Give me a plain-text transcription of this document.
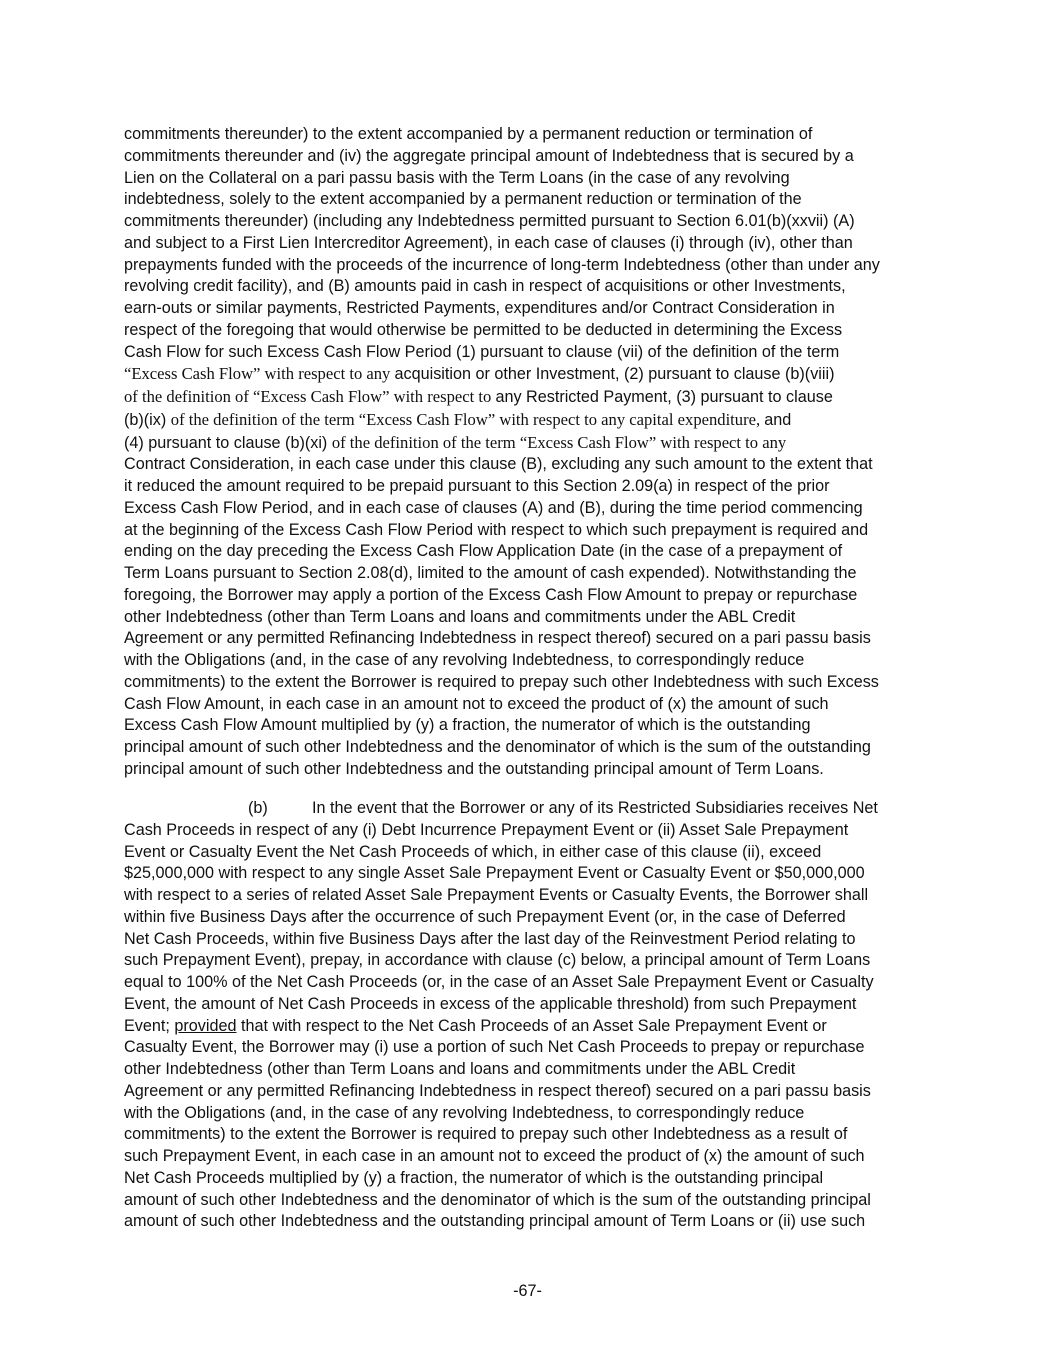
commitments thereunder) to the extent accompanied by a permanent reduction or termination of
commitments thereunder and (iv) the aggregate principal amount of Indebtedness that is secured by a
Lien on the Collateral on a pari passu basis with the Term Loans (in the case of any revolving
indebtedness, solely to the extent accompanied by a permanent reduction or termination of the
commitments thereunder) (including any Indebtedness permitted pursuant to Section 6.01(b)(xxvii) (A)
and subject to a First Lien Intercreditor Agreement), in each case of clauses (i) through (iv), other than
prepayments funded with the proceeds of the incurrence of long-term Indebtedness (other than under any
revolving credit facility), and (B) amounts paid in cash in respect of acquisitions or other Investments,
earn-outs or similar payments, Restricted Payments, expenditures and/or Contract Consideration in
respect of the foregoing that would otherwise be permitted to be deducted in determining the Excess
Cash Flow for such Excess Cash Flow Period (1) pursuant to clause (vii) of the definition of the term
“Excess Cash Flow” with respect to any acquisition or other Investment, (2) pursuant to clause (b)(viii)
of the definition of “Excess Cash Flow” with respect to any Restricted Payment, (3) pursuant to clause
(b)(ix) of the definition of the term “Excess Cash Flow” with respect to any capital expenditure, and
(4) pursuant to clause (b)(xi) of the definition of the term “Excess Cash Flow” with respect to any
Contract Consideration, in each case under this clause (B), excluding any such amount to the extent that
it reduced the amount required to be prepaid pursuant to this Section 2.09(a) in respect of the prior
Excess Cash Flow Period, and in each case of clauses (A) and (B), during the time period commencing
at the beginning of the Excess Cash Flow Period with respect to which such prepayment is required and
ending on the day preceding the Excess Cash Flow Application Date (in the case of a prepayment of
Term Loans pursuant to Section 2.08(d), limited to the amount of cash expended). Notwithstanding the
foregoing, the Borrower may apply a portion of the Excess Cash Flow Amount to prepay or repurchase
other Indebtedness (other than Term Loans and loans and commitments under the ABL Credit
Agreement or any permitted Refinancing Indebtedness in respect thereof) secured on a pari passu basis
with the Obligations (and, in the case of any revolving Indebtedness, to correspondingly reduce
commitments) to the extent the Borrower is required to prepay such other Indebtedness with such Excess
Cash Flow Amount, in each case in an amount not to exceed the product of (x) the amount of such
Excess Cash Flow Amount multiplied by (y) a fraction, the numerator of which is the outstanding
principal amount of such other Indebtedness and the denominator of which is the sum of the outstanding
principal amount of such other Indebtedness and the outstanding principal amount of Term Loans.
(b)	In the event that the Borrower or any of its Restricted Subsidiaries receives Net
Cash Proceeds in respect of any (i) Debt Incurrence Prepayment Event or (ii) Asset Sale Prepayment
Event or Casualty Event the Net Cash Proceeds of which, in either case of this clause (ii), exceed
$25,000,000 with respect to any single Asset Sale Prepayment Event or Casualty Event or $50,000,000
with respect to a series of related Asset Sale Prepayment Events or Casualty Events, the Borrower shall
within five Business Days after the occurrence of such Prepayment Event (or, in the case of Deferred
Net Cash Proceeds, within five Business Days after the last day of the Reinvestment Period relating to
such Prepayment Event), prepay, in accordance with clause (c) below, a principal amount of Term Loans
equal to 100% of the Net Cash Proceeds (or, in the case of an Asset Sale Prepayment Event or Casualty
Event, the amount of Net Cash Proceeds in excess of the applicable threshold) from such Prepayment
Event; provided that with respect to the Net Cash Proceeds of an Asset Sale Prepayment Event or
Casualty Event, the Borrower may (i) use a portion of such Net Cash Proceeds to prepay or repurchase
other Indebtedness (other than Term Loans and loans and commitments under the ABL Credit
Agreement or any permitted Refinancing Indebtedness in respect thereof) secured on a pari passu basis
with the Obligations (and, in the case of any revolving Indebtedness, to correspondingly reduce
commitments) to the extent the Borrower is required to prepay such other Indebtedness as a result of
such Prepayment Event, in each case in an amount not to exceed the product of (x) the amount of such
Net Cash Proceeds multiplied by (y) a fraction, the numerator of which is the outstanding principal
amount of such other Indebtedness and the denominator of which is the sum of the outstanding principal
amount of such other Indebtedness and the outstanding principal amount of Term Loans or (ii) use such
-67-
